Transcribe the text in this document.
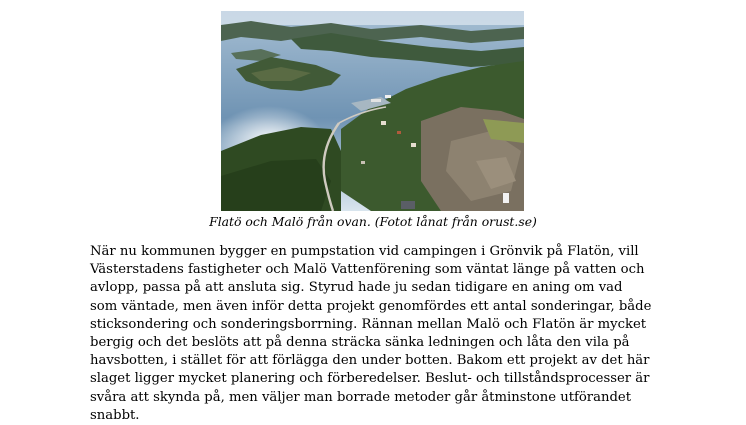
Flatö och Malö från ovan. (Fotot lånat från orust.se)

När nu kommunen bygger en pumpstation vid campingen i Grönvik på Flatön, vill
Västerstadens fastigheter och Malö Vattenförening som väntat länge på vatten och
avlopp, passa på att ansluta sig. Styrud hade ju sedan tidigare en aning om vad
som väntade, men även inför detta projekt genomfördes ett antal sonderingar, både
sticksondering och sonderingsborrning. Rännan mellan Malö och Flatön är mycket
bergig och det beslöts att på denna sträcka sänka ledningen och låta den vila på
havsbotten, i stället för att förlägga den under botten. Bakom ett projekt av det här
slaget ligger mycket planering och förberedelser. Beslut- och tillståndsprocesser är
svåra att skynda på, men väljer man borrade metoder går åtminstone utförandet
snabbt.
